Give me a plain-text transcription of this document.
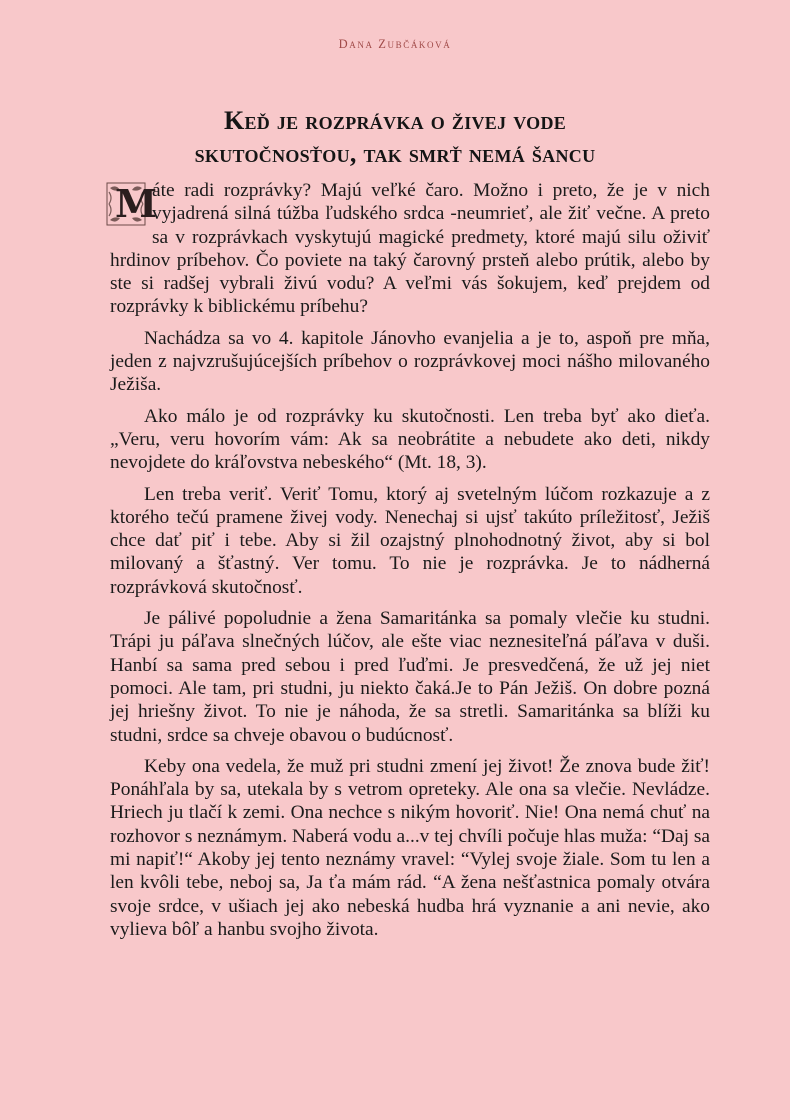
Dana Zubčáková
Keď je rozprávka o živej vode
skutočnosťou, tak smrť nemá šancu

M
áte radi rozprávky? Majú veľké čaro. Možno i preto, že je v nich vyjadrená silná túžba ľudského srdca -neumrieť, ale žiť večne. A preto sa v rozprávkach vyskytujú magické predmety, ktoré majú silu oživiť hrdinov príbehov. Čo poviete na taký čarovný prsteň alebo prútik, alebo by ste si radšej vybrali živú vodu? A veľmi vás šokujem, keď prejdem od rozprávky k biblickému príbehu?

Nachádza sa vo 4. kapitole Jánovho evanjelia a je to, aspoň pre mňa, jeden z najvzrušujúcejších príbehov o rozprávkovej moci nášho milovaného Ježiša.

Ako málo je od rozprávky ku skutočnosti. Len treba byť ako dieťa. „Veru, veru hovorím vám: Ak sa neobrátite a nebudete ako deti, nikdy nevojdete do kráľovstva nebeského“ (Mt. 18, 3).

Len treba veriť. Veriť Tomu, ktorý aj svetelným lúčom rozkazuje a z ktorého tečú pramene živej vody. Nenechaj si ujsť takúto príležitosť, Ježiš chce dať piť i tebe. Aby si žil ozajstný plnohodnotný život, aby si bol milovaný a šťastný. Ver tomu. To nie je rozprávka. Je to nádherná rozprávková skutočnosť.

Je pálivé popoludnie a žena Samaritánka sa pomaly vlečie ku studni. Trápi ju páľava slnečných lúčov, ale ešte viac neznesiteľná páľava v duši. Hanbí sa sama pred sebou i pred ľuďmi. Je presvedčená, že už jej niet pomoci. Ale tam, pri studni, ju niekto čaká.Je to Pán Ježiš. On dobre pozná jej hriešny život. To nie je náhoda, že sa stretli. Samaritánka sa blíži ku studni, srdce sa chveje obavou o budúcnosť.

Keby ona vedela, že muž pri studni zmení jej život! Že znova bude žiť! Ponáhľala by sa, utekala by s vetrom opreteky. Ale ona sa vlečie. Nevládze. Hriech ju tlačí k zemi. Ona nechce s nikým hovoriť. Nie! Ona nemá chuť na rozhovor s neznámym. Naberá vodu a...v tej chvíli počuje hlas muža: “Daj sa mi napiť!“ Akoby jej tento neznámy vravel: “Vylej svoje žiale. Som tu len a len kvôli tebe, neboj sa, Ja ťa mám rád. “A žena nešťastnica pomaly otvára svoje srdce, v ušiach jej ako nebeská hudba hrá vyznanie a ani nevie, ako vylieva bôľ a hanbu svojho života.
